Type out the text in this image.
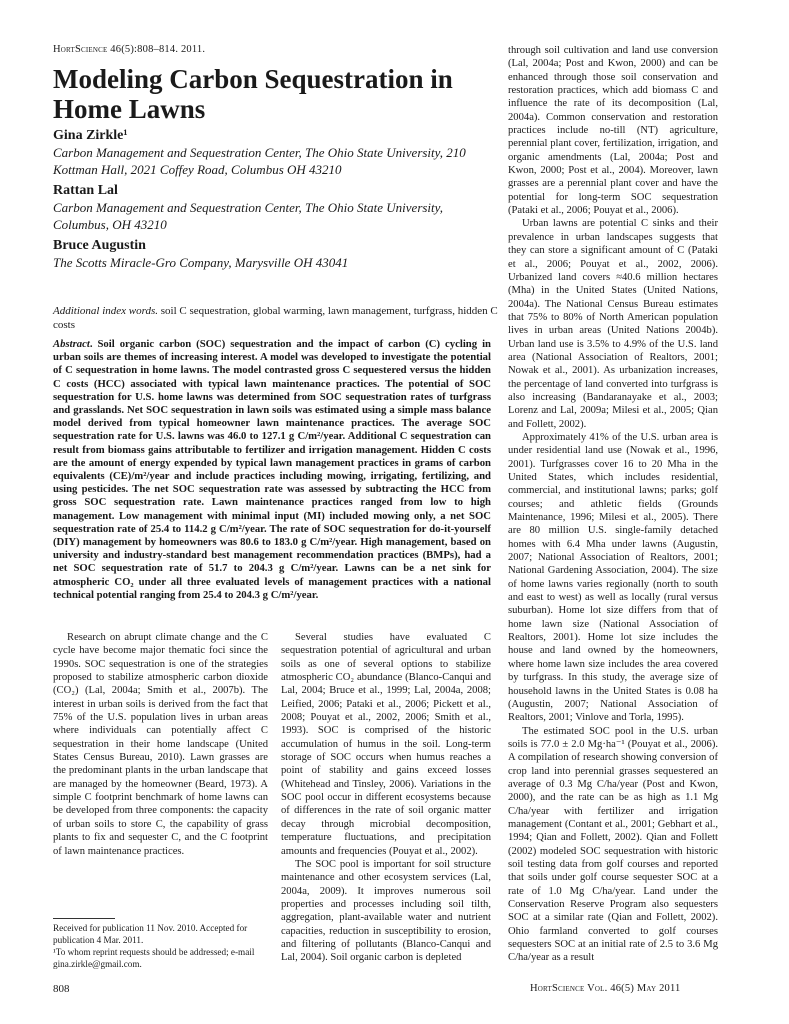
HortScience 46(5):808–814. 2011.
Modeling Carbon Sequestration in Home Lawns
Gina Zirkle¹
Carbon Management and Sequestration Center, The Ohio State University, 210 Kottman Hall, 2021 Coffey Road, Columbus OH 43210
Rattan Lal
Carbon Management and Sequestration Center, The Ohio State University, Columbus, OH 43210
Bruce Augustin
The Scotts Miracle-Gro Company, Marysville OH 43041
Additional index words. soil C sequestration, global warming, lawn management, turfgrass, hidden C costs
Abstract. Soil organic carbon (SOC) sequestration and the impact of carbon (C) cycling in urban soils are themes of increasing interest. A model was developed to investigate the potential of C sequestration in home lawns. The model contrasted gross C sequestered versus the hidden C costs (HCC) associated with typical lawn maintenance practices. The potential of SOC sequestration for U.S. home lawns was determined from SOC sequestration rates of turfgrass and grasslands. Net SOC sequestration in lawn soils was estimated using a simple mass balance model derived from typical homeowner lawn maintenance practices. The average SOC sequestration rate for U.S. lawns was 46.0 to 127.1 g C/m²/year. Additional C sequestration can result from biomass gains attributable to fertilizer and irrigation management. Hidden C costs are the amount of energy expended by typical lawn management practices in grams of carbon equivalents (CE)/m²/year and include practices including mowing, irrigating, fertilizing, and using pesticides. The net SOC sequestration rate was assessed by subtracting the HCC from gross SOC sequestration rate. Lawn maintenance practices ranged from low to high management. Low management with minimal input (MI) included mowing only, a net SOC sequestration rate of 25.4 to 114.2 g C/m²/year. The rate of SOC sequestration for do-it-yourself (DIY) management by homeowners was 80.6 to 183.0 g C/m²/year. High management, based on university and industry-standard best management recommendation practices (BMPs), had a net SOC sequestration rate of 51.7 to 204.3 g C/m²/year. Lawns can be a net sink for atmospheric CO₂ under all three evaluated levels of management practices with a national technical potential ranging from 25.4 to 204.3 g C/m²/year.

Research on abrupt climate change and the C cycle have become major thematic foci since the 1990s. SOC sequestration is one of the strategies proposed to stabilize atmospheric carbon dioxide (CO₂) (Lal, 2004a; Smith et al., 2007b). The interest in urban soils is derived from the fact that 75% of the U.S. population lives in urban areas where individuals can potentially affect C sequestration in their home landscape (United States Census Bureau, 2010). Lawn grasses are the predominant plants in the urban landscape that are managed by the homeowner (Beard, 1973). A simple C footprint benchmark of home lawns can be developed from three components: the capacity of urban soils to store C, the capability of grass plants to fix and sequester C, and the C footprint of lawn maintenance practices.

Several studies have evaluated C sequestration potential of agricultural and urban soils as one of several options to stabilize atmospheric CO₂ abundance (Blanco-Canqui and Lal, 2004; Bruce et al., 1999; Lal, 2004a, 2008; Leified, 2006; Pataki et al., 2006; Pickett et al., 2008; Pouyat et al., 2002, 2006; Smith et al., 1993). SOC is comprised of the historic accumulation of humus in the soil. Long-term storage of SOC occurs when humus reaches a point of stability and gains exceed losses (Whitehead and Tinsley, 2006). Variations in the SOC pool occur in different ecosystems because of differences in the rate of soil organic matter decay through microbial decomposition, temperature fluctuations, and precipitation amounts and frequencies (Pouyat et al., 2002).

The SOC pool is important for soil structure maintenance and other ecosystem services (Lal, 2004a, 2009). It improves numerous soil properties and processes including soil tilth, aggregation, plant-available water and nutrient capacities, reduction in susceptibility to erosion, and filtering of pollutants (Blanco-Canqui and Lal, 2004). Soil organic carbon is depleted

through soil cultivation and land use conversion (Lal, 2004a; Post and Kwon, 2000) and can be enhanced through those soil conservation and restoration practices, which add biomass C and influence the rate of its decomposition (Lal, 2004a). Common conservation and restoration practices include no-till (NT) agriculture, perennial plant cover, fertilization, irrigation, and organic amendments (Lal, 2004a; Post and Kwon, 2000; Post et al., 2004). Moreover, lawn grasses are a perennial plant cover and have the potential for long-term SOC sequestration (Pataki et al., 2006; Pouyat et al., 2006).

Urban lawns are potential C sinks and their prevalence in urban landscapes suggests that they can store a significant amount of C (Pataki et al., 2006; Pouyat et al., 2002, 2006). Urbanized land covers ≈40.6 million hectares (Mha) in the United States (United Nations, 2004a). The National Census Bureau estimates that 75% to 80% of North American population lives in urban areas (United Nations 2004b). Urban land use is 3.5% to 4.9% of the U.S. land area (National Association of Realtors, 2001; Nowak et al., 2001). As urbanization increases, the percentage of land converted into turfgrass is also increasing (Bandaranayake et al., 2003; Lorenz and Lal, 2009a; Milesi et al., 2005; Qian and Follett, 2002).

Approximately 41% of the U.S. urban area is under residential land use (Nowak et al., 1996, 2001). Turfgrasses cover 16 to 20 Mha in the United States, which includes residential, commercial, and institutional lawns; parks; golf courses; and athletic fields (Grounds Maintenance, 1996; Milesi et al., 2005). There are 80 million U.S. single-family detached homes with 6.4 Mha under lawns (Augustin, 2007; National Association of Realtors, 2001; National Gardening Association, 2004). The size of home lawns varies regionally (north to south and east to west) as well as locally (rural versus suburban). Home lot size differs from that of home lawn size (National Association of Realtors, 2001). Home lot size includes the house and land owned by the homeowners, where home lawn size includes the area covered by turfgrass. In this study, the average size of household lawns in the United States is 0.08 ha (Augustin, 2007; National Association of Realtors, 2001; Vinlove and Torla, 1995).

The estimated SOC pool in the U.S. urban soils is 77.0 ± 2.0 Mg·ha⁻¹ (Pouyat et al., 2006). A compilation of research showing conversion of crop land into perennial grasses sequestered an average of 0.3 Mg C/ha/year (Post and Kwon, 2000), and the rate can be as high as 1.1 Mg C/ha/year with fertilizer and irrigation management (Contant et al., 2001; Gebhart et al., 1994; Qian and Follett, 2002). Qian and Follett (2002) modeled SOC sequestration with historic soil testing data from golf courses and reported that soils under golf course sequester SOC at a rate of 1.0 Mg C/ha/year. Land under the Conservation Reserve Program also sequesters SOC at a similar rate (Qian and Follett, 2002). Ohio farmland converted to golf courses sequesters SOC at an initial rate of 2.5 to 3.6 Mg C/ha/year as a result

Received for publication 11 Nov. 2010. Accepted for publication 4 Mar. 2011.

¹To whom reprint requests should be addressed; e-mail gina.zirkle@gmail.com.

808	HortScience Vol. 46(5) May 2011
